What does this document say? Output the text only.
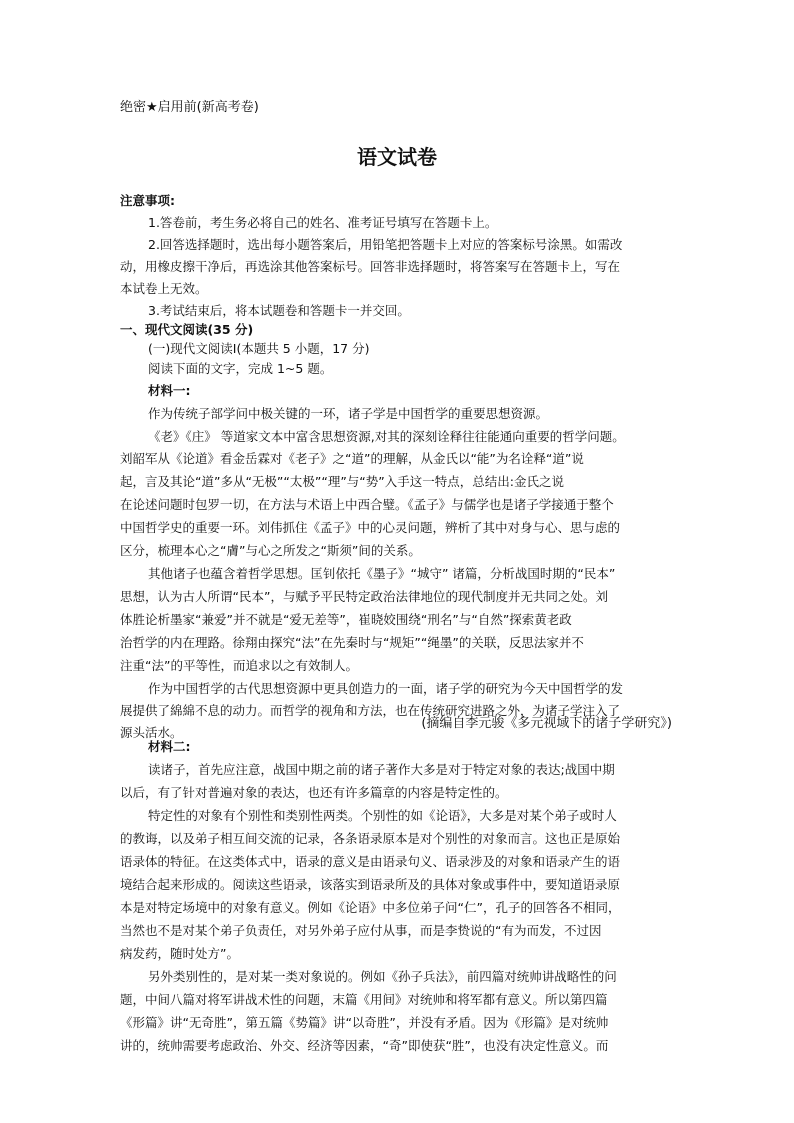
绝密★启用前(新高考卷)
语文试卷
注意事项:
1.答卷前，考生务必将自己的姓名、准考证号填写在答题卡上。
2.回答选择题时，选出每小题答案后，用铅笔把答题卡上对应的答案标号涂黑。如需改
动，用橡皮擦干净后，再选涂其他答案标号。回答非选择题时，将答案写在答题卡上，写在
本试卷上无效。
3.考试结束后，将本试题卷和答题卡一并交回。
一、现代文阅读(35 分)
(一)现代文阅读Ⅰ(本题共 5 小题，17 分)
阅读下面的文字，完成 1~5 题。
材料一:
作为传统子部学问中极关键的一环，诸子学是中国哲学的重要思想资源。
《老》《庄》 等道家文本中富含思想资源,对其的深刻诠释往往能通向重要的哲学问题。
刘韶军从《论道》看金岳霖对《老子》之“道”的理解，从金氏以“能”为名诠释“道”说
起，言及其论“道”多从“无极”“太极”“理”与“势”入手这一特点，总结出:金氏之说
在论述问题时包罗一切，在方法与术语上中西合璧。《孟子》与儒学也是诸子学接通于整个
中国哲学史的重要一环。刘伟抓住《孟子》中的心灵问题，辨析了其中对身与心、思与虑的
区分，梳理本心之“膚”与心之所发之“斯须”间的关系。
其他诸子也蕴含着哲学思想。匡钊依托《墨子》“城守” 诸篇，分析战国时期的“民本”
思想，认为古人所谓“民本”，与赋予平民特定政治法律地位的现代制度并无共同之处。刘
体胜论析墨家“兼爱”并不就是“爱无差等”，崔晓姣围绕“刑名”与“自然”探索黄老政
治哲学的内在理路。徐翔由探究“法”在先秦时与“规矩”“绳墨”的关联，反思法家并不
注重“法”的平等性，而追求以之有效制人。
作为中国哲学的古代思想资源中更具创造力的一面，诸子学的研究为今天中国哲学的发
展提供了綿綿不息的动力。而哲学的视角和方法，也在传统研究进路之外，为诸子学注入了
源头活水。
(摘编自李元骏《多元视域下的诸子学研究》)
材料二:
读诸子，首先应注意，战国中期之前的诸子著作大多是对于特定对象的表达;战国中期
以后，有了针对普遍对象的表达，也还有许多篇章的内容是特定性的。
特定性的对象有个别性和类别性两类。个别性的如《论语》，大多是对某个弟子或时人
的教诲，以及弟子相互间交流的记录，各条语录原本是对个别性的对象而言。这也正是原始
语录体的特征。在这类体式中，语录的意义是由语录句义、语录涉及的对象和语录产生的语
境结合起来形成的。阅读这些语录，该落实到语录所及的具体对象或事件中，要知道语录原
本是对特定场境中的对象有意义。例如《论语》中多位弟子问“仁”，孔子的回答各不相同，
当然也不是对某个弟子负责任，对另外弟子应付从事，而是李贽说的“有为而发，不过因
病发药，随时处方”。
另外类别性的，是对某一类对象说的。例如《孙子兵法》，前四篇对统帅讲战略性的问
题，中间八篇对将军讲战术性的问题，末篇《用间》对统帅和将军都有意义。所以第四篇
《形篇》讲“无奇胜”，第五篇《势篇》讲“以奇胜”，并没有矛盾。因为《形篇》是对统帅
讲的，统帅需要考虑政治、外交、经济等因素，“奇”即使获“胜”，也没有决定性意义。而
